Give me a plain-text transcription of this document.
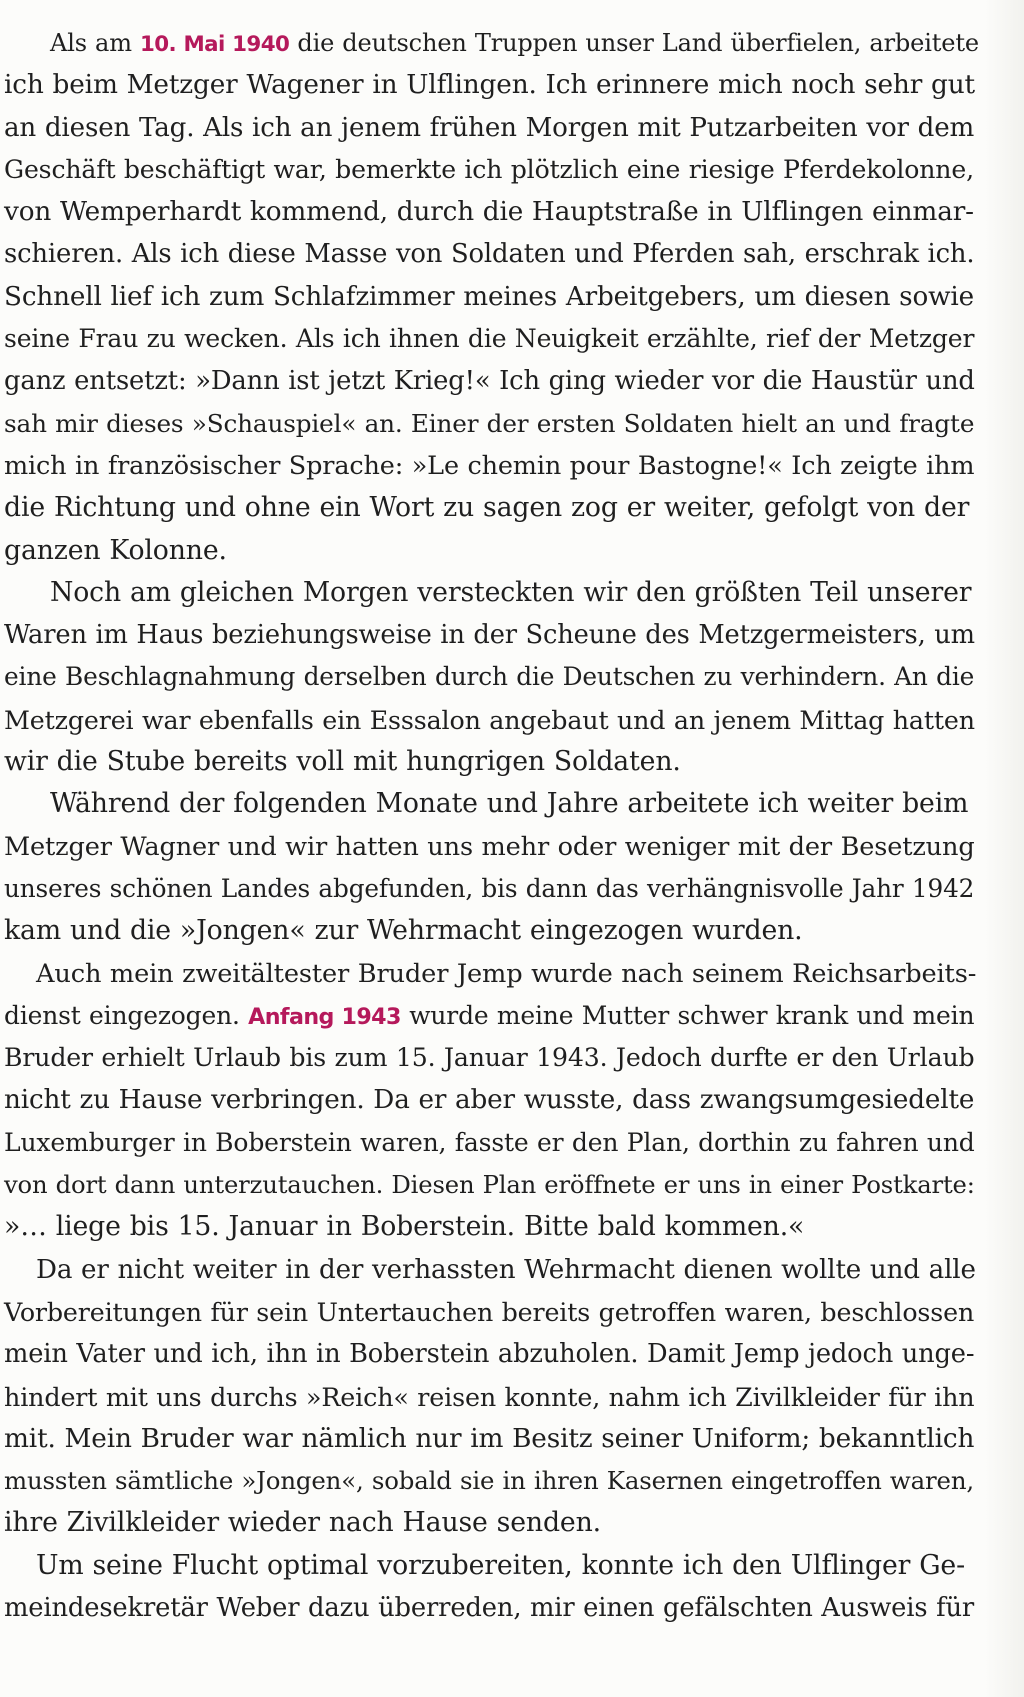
Als am 10. Mai 1940 die deutschen Truppen unser Land überfielen, arbeitete
ich beim Metzger Wagener in Ulflingen. Ich erinnere mich noch sehr gut
an diesen Tag. Als ich an jenem frühen Morgen mit Putzarbeiten vor dem
Geschäft beschäftigt war, bemerkte ich plötzlich eine riesige Pferdekolonne,
von Wemperhardt kommend, durch die Hauptstraße in Ulflingen einmar-
schieren. Als ich diese Masse von Soldaten und Pferden sah, erschrak ich.
Schnell lief ich zum Schlafzimmer meines Arbeitgebers, um diesen sowie
seine Frau zu wecken. Als ich ihnen die Neuigkeit erzählte, rief der Metzger
ganz entsetzt: »Dann ist jetzt Krieg!« Ich ging wieder vor die Haustür und
sah mir dieses »Schauspiel« an. Einer der ersten Soldaten hielt an und fragte
mich in französischer Sprache: »Le chemin pour Bastogne!« Ich zeigte ihm
die Richtung und ohne ein Wort zu sagen zog er weiter, gefolgt von der
ganzen Kolonne.
Noch am gleichen Morgen versteckten wir den größten Teil unserer
Waren im Haus beziehungsweise in der Scheune des Metzgermeisters, um
eine Beschlagnahmung derselben durch die Deutschen zu verhindern. An die
Metzgerei war ebenfalls ein Esssalon angebaut und an jenem Mittag hatten
wir die Stube bereits voll mit hungrigen Soldaten.
Während der folgenden Monate und Jahre arbeitete ich weiter beim
Metzger Wagner und wir hatten uns mehr oder weniger mit der Besetzung
unseres schönen Landes abgefunden, bis dann das verhängnisvolle Jahr 1942
kam und die »Jongen« zur Wehrmacht eingezogen wurden.
Auch mein zweitältester Bruder Jemp wurde nach seinem Reichsarbeits-
dienst eingezogen. Anfang 1943 wurde meine Mutter schwer krank und mein
Bruder erhielt Urlaub bis zum 15. Januar 1943. Jedoch durfte er den Urlaub
nicht zu Hause verbringen. Da er aber wusste, dass zwangsumgesiedelte
Luxemburger in Boberstein waren, fasste er den Plan, dorthin zu fahren und
von dort dann unterzutauchen. Diesen Plan eröffnete er uns in einer Postkarte:
»… liege bis 15. Januar in Boberstein. Bitte bald kommen.«
Da er nicht weiter in der verhassten Wehrmacht dienen wollte und alle
Vorbereitungen für sein Untertauchen bereits getroffen waren, beschlossen
mein Vater und ich, ihn in Boberstein abzuholen. Damit Jemp jedoch unge-
hindert mit uns durchs »Reich« reisen konnte, nahm ich Zivilkleider für ihn
mit. Mein Bruder war nämlich nur im Besitz seiner Uniform; bekanntlich
mussten sämtliche »Jongen«, sobald sie in ihren Kasernen eingetroffen waren,
ihre Zivilkleider wieder nach Hause senden.
Um seine Flucht optimal vorzubereiten, konnte ich den Ulflinger Ge-
meindesekretär Weber dazu überreden, mir einen gefälschten Ausweis für
